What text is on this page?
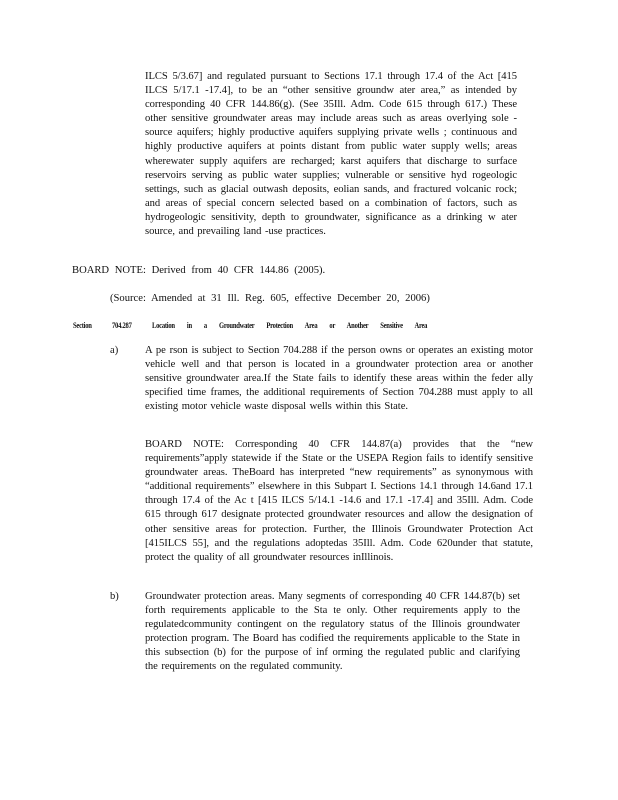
ILCS 5/3.67] and regulated pursuant to Sections 17.1 through 17.4 of the Act [415 ILCS 5/17.1 -17.4], to be an “other sensitive groundw ater area,” as intended by corresponding 40 CFR 144.86(g). (See 35Ill. Adm. Code 615 through 617.) These other sensitive groundwater areas may include areas such as areas overlying sole -source aquifers; highly productive aquifers supplying private wells ; continuous and highly productive aquifers at points distant from public water supply wells; areas wherewater supply aquifers are recharged; karst aquifers that discharge to surface reservoirs serving as public water supplies; vulnerable or sensitive hyd rogeologic settings, such as glacial outwash deposits, eolian sands, and fractured volcanic rock; and areas of special concern selected based on a combination of factors, such as hydrogeologic sensitivity, depth to groundwater, significance as a drinking w ater source, and prevailing land -use practices.
BOARD NOTE: Derived from 40 CFR 144.86 (2005).
(Source: Amended at 31 Ill. Reg. 605, effective December 20, 2006)
Section	704.287	Location in a Groundwater Protection Area or Another Sensitive Area
a)	A pe rson is subject to Section 704.288 if the person owns or operates an existing motor vehicle well and that person is located in a groundwater protection area or another sensitive groundwater area.If the State fails to identify these areas within the feder ally specified time frames, the additional requirements of Section 704.288 must apply to all existing motor vehicle waste disposal wells within this State.
BOARD NOTE: Corresponding 40 CFR 144.87(a) provides that the “new requirements”apply statewide if the State or the USEPA Region fails to identify sensitive groundwater areas. TheBoard has interpreted “new requirements” as synonymous with “additional requirements” elsewhere in this Subpart I. Sections 14.1 through 14.6and 17.1 through 17.4 of the Ac t [415 ILCS 5/14.1 -14.6 and 17.1 -17.4] and 35Ill. Adm. Code 615 through 617 designate protected groundwater resources and allow the designation of other sensitive areas for protection. Further, the Illinois Groundwater Protection Act [415ILCS 55], and the regulations adoptedas 35Ill. Adm. Code 620under that statute, protect the quality of all groundwater resources inIllinois.
b) Groundwater protection areas. Many segments of corresponding 40 CFR 144.87(b) set forth requirements applicable to the Sta te only. Other requirements apply to the regulatedcommunity contingent on the regulatory status of the Illinois groundwater protection program. The Board has codified the requirements applicable to the State in this subsection (b) for the purpose of inf orming the regulated public and clarifying the requirements on the regulated community.
